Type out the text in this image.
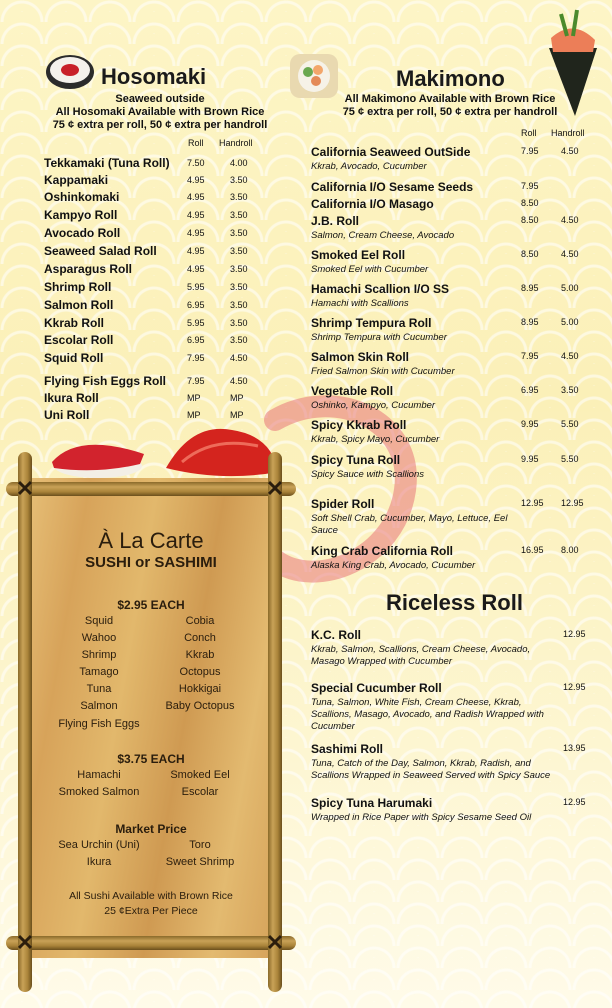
Hosomaki
Seaweed outside
All Hosomaki Available with Brown Rice
75 ¢ extra per roll, 50 ¢ extra per handroll
Roll Handroll
Tekkamaki (Tuna Roll) 7.50	4.00
Kappamaki	4.95	3.50
Oshinkomaki	4.95	3.50
Kampyo Roll	4.95	3.50
Avocado Roll	4.95	3.50
Seaweed Salad Roll	4.95	3.50
Asparagus Roll	4.95	3.50
Shrimp Roll	5.95	3.50
Salmon Roll	6.95	3.50
Kkrab Roll	5.95	3.50
Escolar Roll	6.95	3.50
Squid Roll	7.95	4.50
Flying Fish Eggs Roll 7.95	4.50
Ikura Roll	MP	MP
Uni Roll	MP	MP
Makimono
All Makimono Available with Brown Rice
75 ¢ extra per roll, 50 ¢ extra per handroll
Roll Handroll
California Seaweed OutSide
Kkrab, Avocado, Cucumber
7.95 4.50
California I/O Sesame Seeds	7.95
California I/O Masago	8.50
J.B. Roll
Salmon, Cream Cheese, Avocado
8.50 4.50
Smoked Eel Roll
Smoked Eel with Cucumber
8.50 4.50
Hamachi Scallion I/O SS
Hamachi with Scallions
8.95 5.00
Shrimp Tempura Roll
Shrimp Tempura with Cucumber
8.95 5.00
Salmon Skin Roll
Fried Salmon Skin with Cucumber
7.95 4.50
Vegetable Roll
Oshinko, Kampyo, Cucumber
6.95 3.50
Spicy Kkrab Roll
Kkrab, Spicy Mayo, Cucumber
9.95 5.50
Spicy Tuna Roll
Spicy Sauce with Scallions
9.95 5.50
Spider Roll
Soft Shell Crab, Cucumber, Mayo, Lettuce, Eel Sauce
12.95 12.95
King Crab California Roll
Alaska King Crab, Avocado, Cucumber
16.95 8.00
Riceless Roll
K.C. Roll
Kkrab, Salmon, Scallions, Cream Cheese, Avocado, Masago Wrapped with Cucumber
12.95
Special Cucumber Roll
Tuna, Salmon, White Fish, Cream Cheese, Kkrab, Scallions, Masago, Avocado, and Radish Wrapped with Cucumber
12.95
Sashimi Roll
Tuna, Catch of the Day, Salmon, Kkrab, Radish, and Scallions Wrapped in Seaweed Served with Spicy Sauce
13.95
Spicy Tuna Harumaki
Wrapped in Rice Paper with Spicy Sesame Seed Oil
12.95
✕	✕
✕	✕
À La Carte
SUSHI or SASHIMI
$2.95 EACH
Squid
Wahoo
Shrimp
Tamago
Tuna
Salmon
Cobia
Conch
Kkrab
Octopus
Hokkigai
Baby Octopus
Flying Fish Eggs
$3.75 EACH
Hamachi
Smoked Salmon
Smoked Eel
Escolar
Market Price
Sea Urchin (Uni)
Ikura
Toro
Sweet Shrimp
All Sushi Available with Brown Rice
25 ¢Extra Per Piece
